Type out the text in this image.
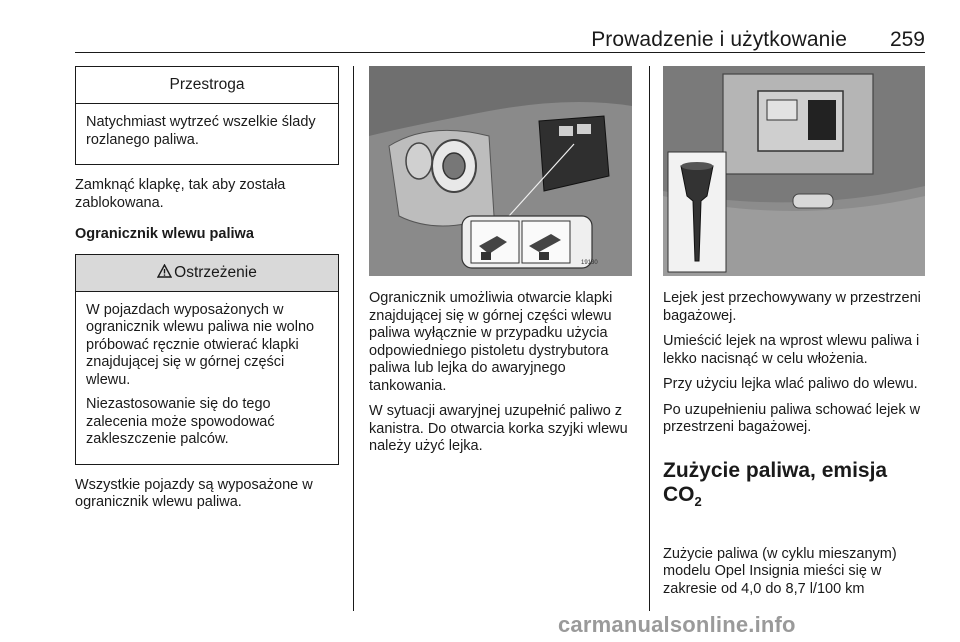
Prowadzenie i użytkowanie 259
Przestroga

Natychmiast wytrzeć wszelkie ślady rozlanego paliwa.

Zamknąć klapkę, tak aby została zablokowana.

Ogranicznik wlewu paliwa

Ostrzeżenie

W pojazdach wyposażonych w ogranicznik wlewu paliwa nie wolno próbować ręcznie otwierać klapki znajdującej się w górnej części wlewu.

Niezastosowanie się do tego zalecenia może spowodować zakleszczenie palców.

Wszystkie pojazdy są wyposażone w ogranicznik wlewu paliwa.

19130

Ogranicznik umożliwia otwarcie klapki znajdującej się w górnej części wlewu paliwa wyłącznie w przypadku użycia odpowiedniego pistoletu dystrybutora paliwa lub lejka do awaryjnego tankowania.

W sytuacji awaryjnej uzupełnić paliwo z kanistra. Do otwarcia korka szyjki wlewu należy użyć lejka.

Lejek jest przechowywany w przestrzeni bagażowej.

Umieścić lejek na wprost wlewu paliwa i lekko nacisnąć w celu włożenia.

Przy użyciu lejka wlać paliwo do wlewu.

Po uzupełnieniu paliwa schować lejek w przestrzeni bagażowej.

Zużycie paliwa, emisja $CO_2$

Zużycie paliwa (w cyklu mieszanym) modelu Opel Insignia mieści się w zakresie od 4,0 do 8,7 l/100 km

carmanualsonline.info
